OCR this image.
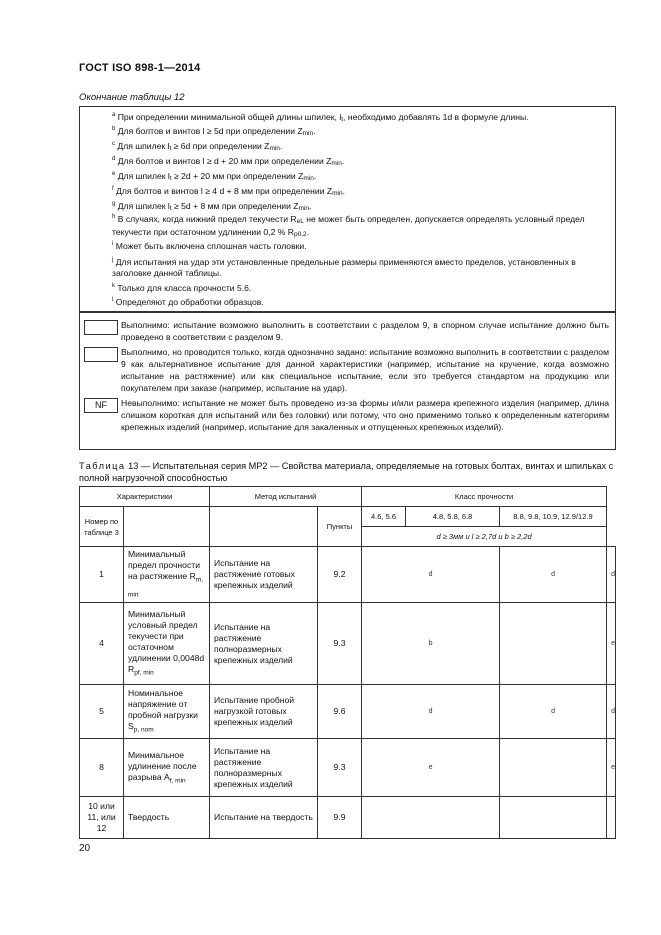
ГОСТ ISO 898-1—2014
Окончание таблицы 12
$^a$ При определении минимальной общей длины шпилек, lt, необходимо добавлять 1d в формуле длины.
$^b$ Для болтов и винтов l ≥ 5d при определении Zmin.
$^c$ Для шпилек lt ≥ 6d при определении Zmin.
$^d$ Для болтов и винтов l ≥ d + 20 мм при определении Zmin.
$^e$ Для шпилек lt ≥ 2d + 20 мм при определении Zmin.
$^f$ Для болтов и винтов l ≥ 4 d + 8 мм при определении Zmin.
$^g$ Для шпилек lt ≥ 5d + 8 мм при определении Zmin.
$^h$ В случаях, когда нижний предел текучести ReL не может быть определен, допускается определять условный предел текучести при остаточном удлинении 0,2 % Rp0,2.
$^i$ Может быть включена сплошная часть головки.
$^j$ Для испытания на удар эти установленные предельные размеры применяются вместо пределов, установленных в заголовке данной таблицы.
$^k$ Только для класса прочности 5.6.
$^l$ Определяют до обработки образцов.
Выполнимо: испытание возможно выполнить в соответствии с разделом 9, в спорном случае испытание должно быть проведено в соответствии с разделом 9.
Выполнимо, но проводится только, когда однозначно задано: испытание возможно выполнить в соответствии с разделом 9 как альтернативное испытание для данной характеристики (например, испытание на кручение, когда возможно испытание на растяжение) или как специальное испытание, если это требуется стандартом на продукцию или покупателем при заказе (например, испытание на удар).
NF	Невыполнимо: испытание не может быть проведено из-за формы и/или размера крепежного изделия (например, длина слишком короткая для испытаний или без головки) или потому, что оно применимо только к определенным категориям крепежных изделий (например, испытание для закаленных и отпущенных крепежных изделий).
Таблица 13 — Испытательная серия МР2 — Свойства материала, определяемые на готовых болтах, винтах и шпильках с полной нагрузочной способностью
Характеристики		Метод испытаний		Класс прочности			
Номер по таблице 3			Пункты	4.6, 5.6	4.8, 5.8, 6.8	8.8, 9.8, 10.9, 12.9/12.9	
				d ≥ 3мм и l ≥ 2,7d и b ≥ 2,2d			
1	Минимальный предел прочности на растяжение $R_{m, min}$	Испытание на растяжение готовых крепежных изделий	9.2	d		d	d
4	Минимальный условный предел текучести при остаточном удлинении 0,0048d $R_{pf, min}$	Испытание на растяжение полноразмерных крепежных изделий	9.3	b			e
5	Номинальное напряжение от пробной нагрузки $S_{p, nom}$	Испытание пробной нагрузкой готовых крепежных изделий	9.6	d		d	d
8	Минимальное удлинение после разрыва $A_{f, min}$	Испытание на растяжение полноразмерных крепежных изделий	9.3	e			e
10 или 11, или 12	Твердость	Испытание на твердость	9.9				
20
